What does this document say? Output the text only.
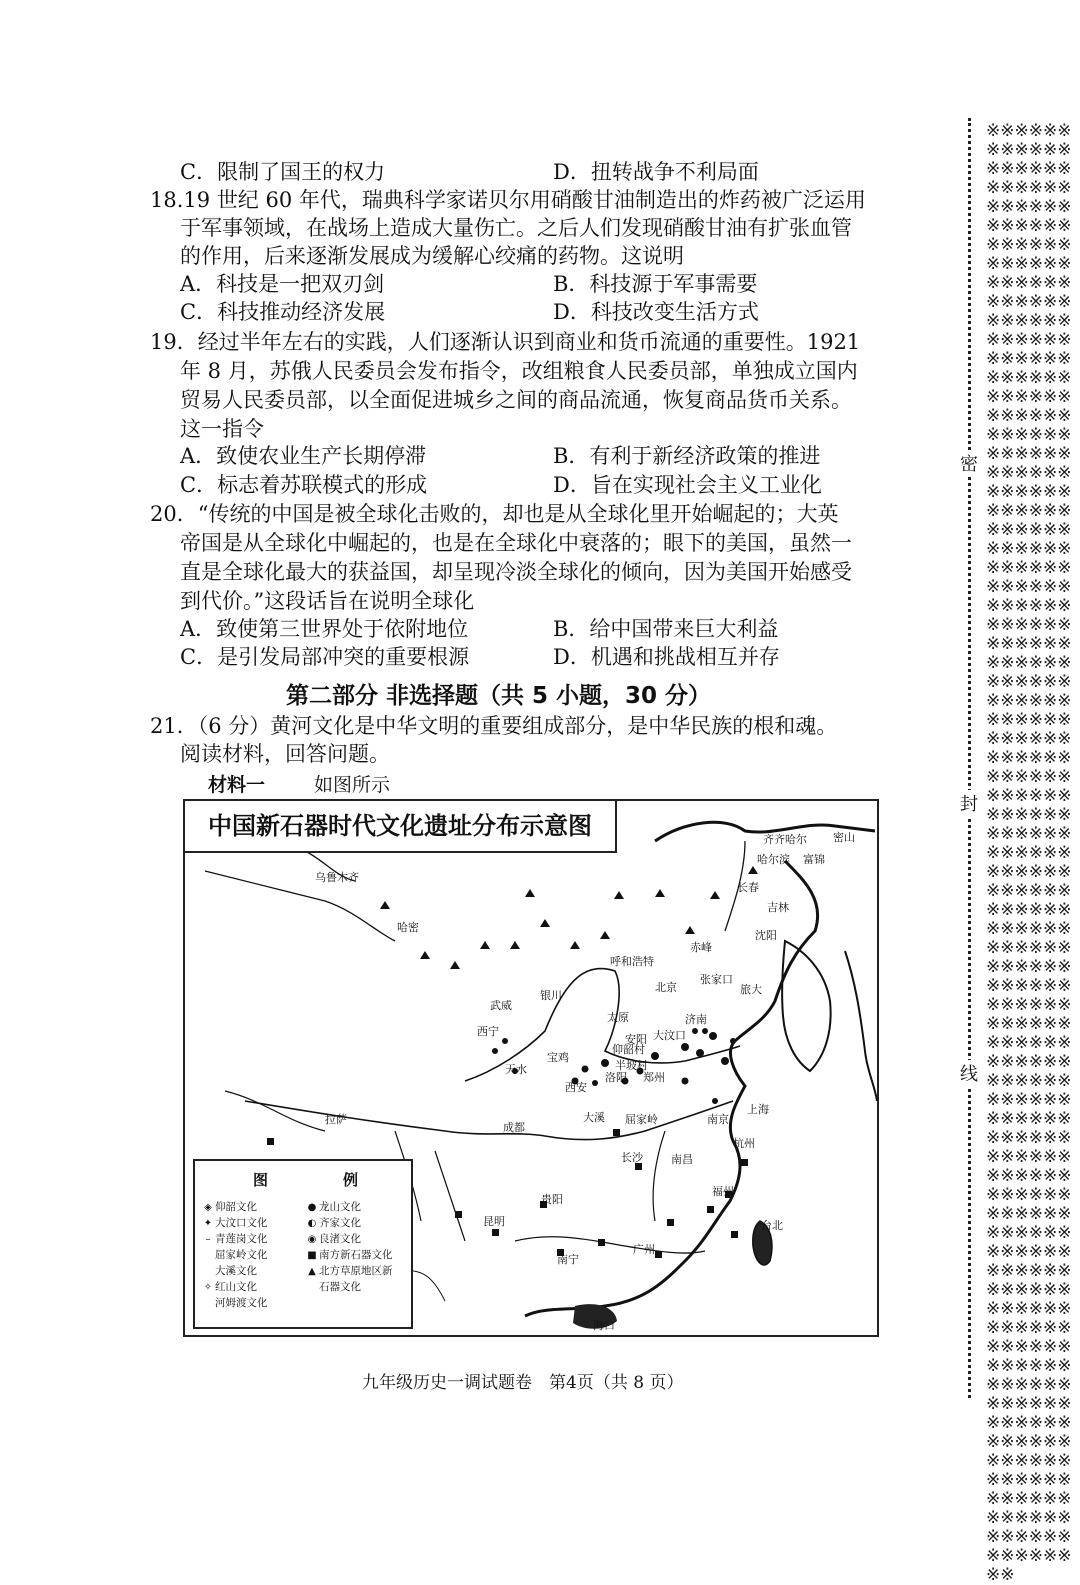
C．限制了国王的权力	D．扭转战争不利局面
18.19 世纪 60 年代，瑞典科学家诺贝尔用硝酸甘油制造出的炸药被广泛运用
于军事领域，在战场上造成大量伤亡。之后人们发现硝酸甘油有扩张血管
的作用，后来逐渐发展成为缓解心绞痛的药物。这说明
A．科技是一把双刃剑	B．科技源于军事需要
C．科技推动经济发展	D．科技改变生活方式
19．经过半年左右的实践，人们逐渐认识到商业和货币流通的重要性。1921
年 8 月，苏俄人民委员会发布指令，改组粮食人民委员部，单独成立国内
贸易人民委员部，以全面促进城乡之间的商品流通，恢复商品货币关系。
这一指令
A．致使农业生产长期停滞	B．有利于新经济政策的推进
C．标志着苏联模式的形成	D．旨在实现社会主义工业化
20．“传统的中国是被全球化击败的，却也是从全球化里开始崛起的；大英
帝国是从全球化中崛起的，也是在全球化中衰落的；眼下的美国，虽然一
直是全球化最大的获益国，却呈现冷淡全球化的倾向，因为美国开始感受
到代价。”这段话旨在说明全球化
A．致使第三世界处于依附地位	B．给中国带来巨大利益
C．是引发局部冲突的重要根源	D．机遇和挑战相互并存
第二部分 非选择题（共 5 小题，30 分）
21．（6 分）黄河文化是中华文明的重要组成部分，是中华民族的根和魂。
阅读材料，回答问题。
材料一	如图所示
中国新石器时代文化遗址分布示意图	齐齐哈尔 密山
富锦
哈尔滨
乌鲁木齐
哈密
长春
吉林
赤峰
沈阳
呼和浩特
北京	旅大
张家口
武威
银川
西宁
天水
宝鸡
太原
安阳
济南
大汶口
洛阳 郑州
西安
仰韶村
半坡村
大溪 屈家岭	南京
杭州
上海
成都
南昌
福州
长沙
贵阳
昆明
南宁
广州
台北
海口
拉萨
图	例
◈ 仰韶文化
✦ 大汶口文化
– 青莲岗文化
屈家岭文化
大溪文化
✧ 红山文化
河姆渡文化
● 龙山文化
◐ 齐家文化
◉ 良渚文化
■ 南方新石器文化
▲ 北方草原地区新
石器文化
九年级历史一调试题卷　第4页（共 8 页）
※※※※※※※※※※※※※※※※※※※※※※※※※※※※※※※※※※※※※※※※※※※※※※※※※※※※※※※※※※※※※※※※※※※※※※※※※※※※※※※※※※※※※※※※※※※※※※※※※※※※※※※※※※※※※※※※※※※※※※※※※※※※※※※※※※※※※※※※※※※※※※※※※※※※※※※※※※※※※※※※※※※※※※※※※※※※※※※※※※※※※※※※※※※※※※※※※※※※※※※※※※※※※※※※※※※※※※※※※※※※※※※※※※※※※※※※※※※※※※※※※※※※※※※※※※※※※※※※※※※※※※※※※※※※※※※※※※※※※※※※※※※※※※※※※※※※※※※※※※※※※※※※※※※※※※※※※※※※※※※※※※※※※※※※※※※※※※※※※※※※※※※※※※※※※※※※※※※※※※※※※※※※※※※※※※※※※※※※※※※※※※※※※※※※※※※※※※※※※※※※※※※※※※※※※※※※※※※※※※※※※※※※※※※※※※※※※※※※※※※※※※※※※※※※※※※※※※※※※※
密
封
线
